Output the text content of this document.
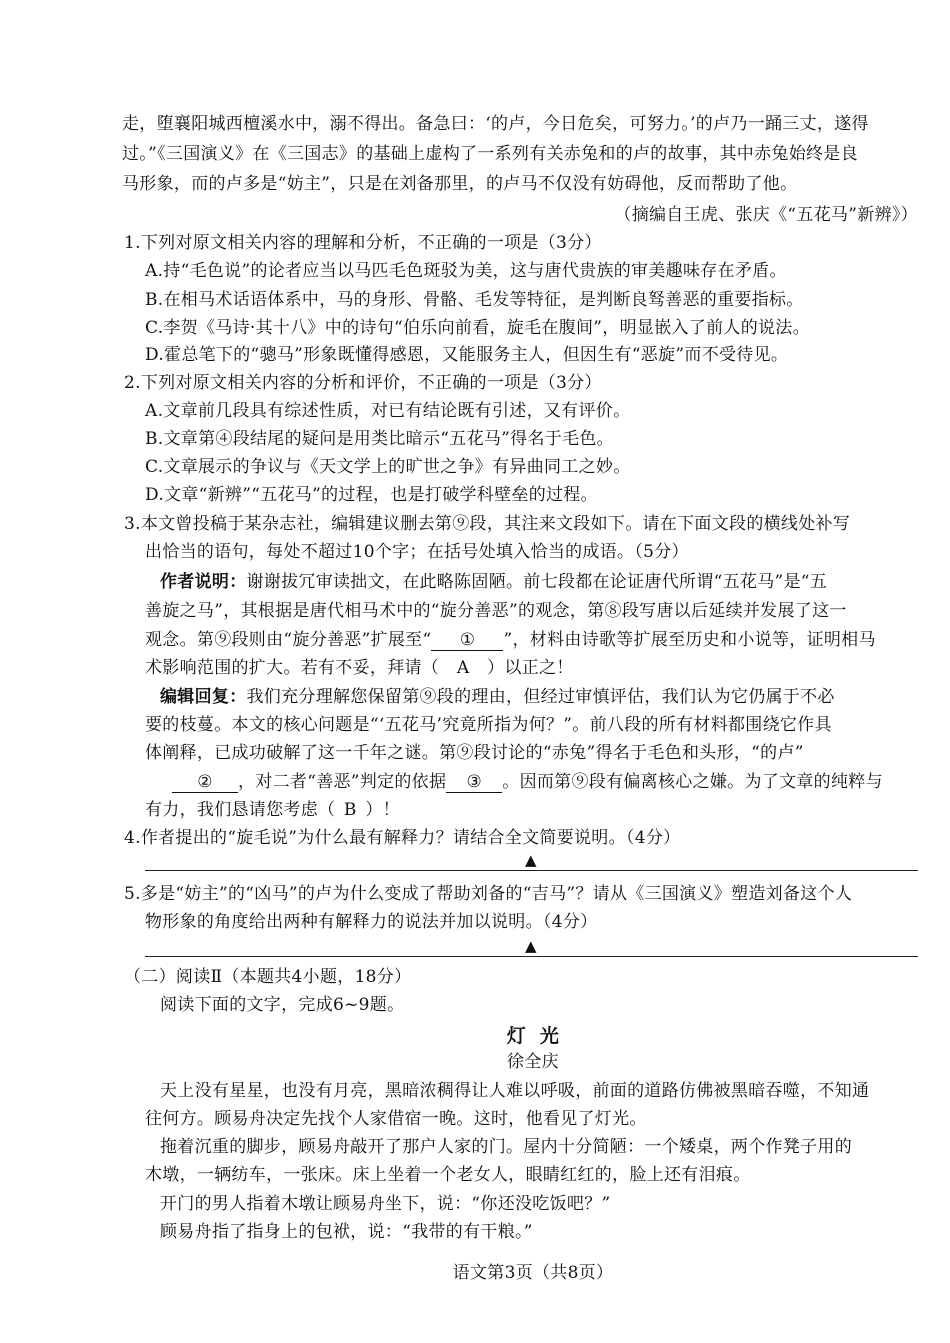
走，堕襄阳城西檀溪水中，溺不得出。备急曰：‘的卢，今日危矣，可努力。’的卢乃一踊三丈，遂得
过。”《三国演义》在《三国志》的基础上虚构了一系列有关赤兔和的卢的故事，其中赤兔始终是良
马形象，而的卢多是“妨主”，只是在刘备那里，的卢马不仅没有妨碍他，反而帮助了他。
（摘编自王虎、张庆《“五花马”新辨》）
1.下列对原文相关内容的理解和分析，不正确的一项是（3分）
A.持“毛色说”的论者应当以马匹毛色斑驳为美，这与唐代贵族的审美趣味存在矛盾。
B.在相马术话语体系中，马的身形、骨骼、毛发等特征，是判断良驽善恶的重要指标。
C.李贺《马诗·其十八》中的诗句“伯乐向前看，旋毛在腹间”，明显嵌入了前人的说法。
D.霍总笔下的“骢马”形象既懂得感恩，又能服务主人，但因生有“恶旋”而不受待见。
2.下列对原文相关内容的分析和评价，不正确的一项是（3分）
A.文章前几段具有综述性质，对已有结论既有引述，又有评价。
B.文章第④段结尾的疑问是用类比暗示“五花马”得名于毛色。
C.文章展示的争议与《天文学上的旷世之争》有异曲同工之妙。
D.文章“新辨”“五花马”的过程，也是打破学科壁垒的过程。
3.本文曾投稿于某杂志社，编辑建议删去第⑨段，其注来文段如下。请在下面文段的横线处补写
出恰当的语句，每处不超过10个字；在括号处填入恰当的成语。（5分）
作者说明：谢谢拔冗审读拙文，在此略陈固陋。前七段都在论证唐代所谓“五花马”是“五
善旋之马”，其根据是唐代相马术中的“旋分善恶”的观念，第⑧段写唐以后延续并发展了这一
观念。第⑨段则由“旋分善恶”扩展至“ ① ”，材料由诗歌等扩展至历史和小说等，证明相马
术影响范围的扩大。若有不妥，拜请（ A ）以正之！
编辑回复：我们充分理解您保留第⑨段的理由，但经过审慎评估，我们认为它仍属于不必
要的枝蔓。本文的核心问题是“‘五花马’究竟所指为何？”。前八段的所有材料都围绕它作具
体阐释，已成功破解了这一千年之谜。第⑨段讨论的“赤兔”得名于毛色和头形，“的卢”
② ，对二者“善恶”判定的依据 ③ 。因而第⑨段有偏离核心之嫌。为了文章的纯粹与
有力，我们恳请您考虑（ B ）！
4.作者提出的“旋毛说”为什么最有解释力？请结合全文简要说明。（4分）
▲
5.多是“妨主”的“凶马”的卢为什么变成了帮助刘备的“吉马”？请从《三国演义》塑造刘备这个人
物形象的角度给出两种有解释力的说法并加以说明。（4分）
▲
（二）阅读Ⅱ（本题共4小题，18分）
阅读下面的文字，完成6~9题。
灯  光
徐全庆
天上没有星星，也没有月亮，黑暗浓稠得让人难以呼吸，前面的道路仿佛被黑暗吞噬，不知通
往何方。顾易舟决定先找个人家借宿一晚。这时，他看见了灯光。
拖着沉重的脚步，顾易舟敲开了那户人家的门。屋内十分简陋：一个矮桌，两个作凳子用的
木墩，一辆纺车，一张床。床上坐着一个老女人，眼睛红红的，脸上还有泪痕。
开门的男人指着木墩让顾易舟坐下，说：“你还没吃饭吧？”
顾易舟指了指身上的包袱，说：“我带的有干粮。”
语文第3页（共8页）
